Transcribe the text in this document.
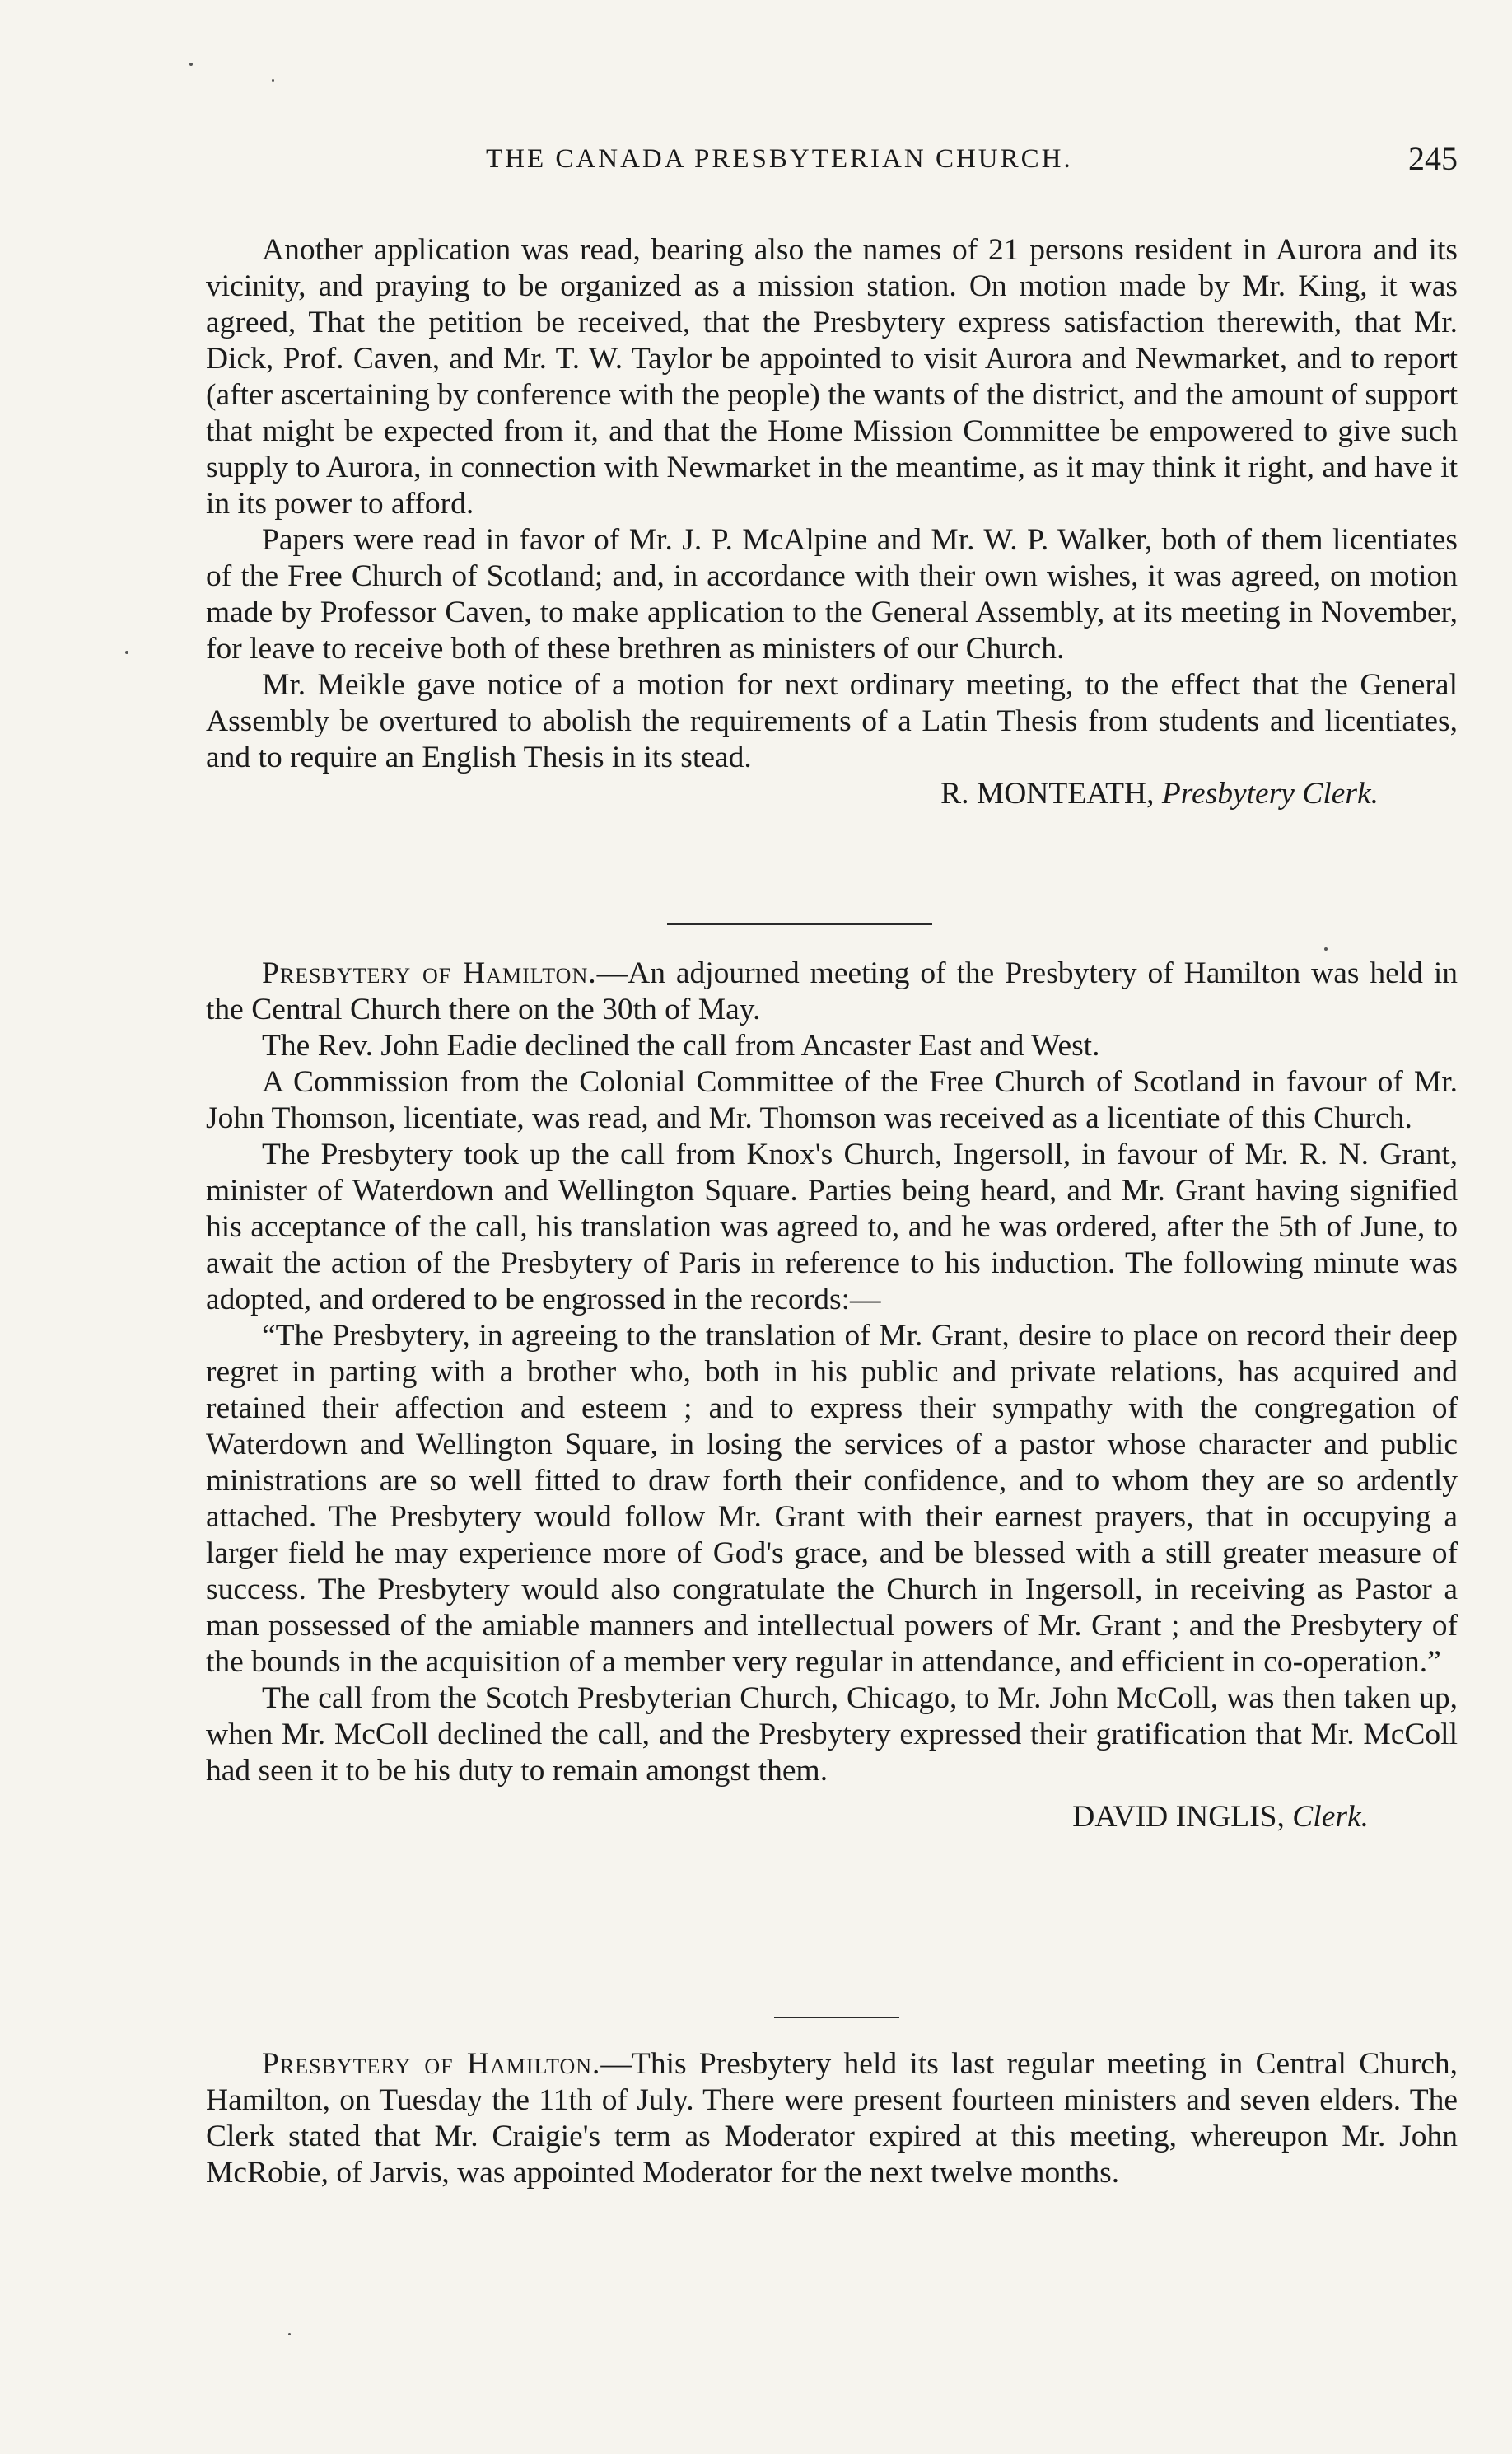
THE CANADA PRESBYTERIAN CHURCH.	245

Another application was read, bearing also the names of 21 persons resident in Aurora and its vicinity, and praying to be organized as a mission station. On motion made by Mr. King, it was agreed, That the petition be received, that the Presbytery express satisfaction therewith, that Mr. Dick, Prof. Caven, and Mr. T. W. Taylor be appointed to visit Aurora and Newmarket, and to report (after ascertaining by conference with the people) the wants of the district, and the amount of support that might be expected from it, and that the Home Mission Committee be empowered to give such supply to Aurora, in connection with Newmarket in the meantime, as it may think it right, and have it in its power to afford.

Papers were read in favor of Mr. J. P. McAlpine and Mr. W. P. Walker, both of them licentiates of the Free Church of Scotland; and, in accordance with their own wishes, it was agreed, on motion made by Professor Caven, to make application to the General Assembly, at its meeting in November, for leave to receive both of these brethren as ministers of our Church.

Mr. Meikle gave notice of a motion for next ordinary meeting, to the effect that the General Assembly be overtured to abolish the requirements of a Latin Thesis from students and licentiates, and to require an English Thesis in its stead.

R. MONTEATH, Presbytery Clerk.

Presbytery of Hamilton.—An adjourned meeting of the Presbytery of Hamilton was held in the Central Church there on the 30th of May.

The Rev. John Eadie declined the call from Ancaster East and West.

A Commission from the Colonial Committee of the Free Church of Scotland in favour of Mr. John Thomson, licentiate, was read, and Mr. Thomson was received as a licentiate of this Church.

The Presbytery took up the call from Knox's Church, Ingersoll, in favour of Mr. R. N. Grant, minister of Waterdown and Wellington Square. Parties being heard, and Mr. Grant having signified his acceptance of the call, his translation was agreed to, and he was ordered, after the 5th of June, to await the action of the Presbytery of Paris in reference to his induction. The following minute was adopted, and ordered to be engrossed in the records:—

“The Presbytery, in agreeing to the translation of Mr. Grant, desire to place on record their deep regret in parting with a brother who, both in his public and private relations, has acquired and retained their affection and esteem ; and to express their sympathy with the congregation of Waterdown and Wellington Square, in losing the services of a pastor whose character and public ministrations are so well fitted to draw forth their confidence, and to whom they are so ardently attached. The Presbytery would follow Mr. Grant with their earnest prayers, that in occupying a larger field he may experience more of God's grace, and be blessed with a still greater measure of success. The Presbytery would also congratulate the Church in Ingersoll, in receiving as Pastor a man possessed of the amiable manners and intellectual powers of Mr. Grant ; and the Presbytery of the bounds in the acquisition of a member very regular in attendance, and efficient in co-operation.”

The call from the Scotch Presbyterian Church, Chicago, to Mr. John McColl, was then taken up, when Mr. McColl declined the call, and the Presbytery expressed their gratification that Mr. McColl had seen it to be his duty to remain amongst them.

DAVID INGLIS, Clerk.

Presbytery of Hamilton.—This Presbytery held its last regular meeting in Central Church, Hamilton, on Tuesday the 11th of July. There were present fourteen ministers and seven elders. The Clerk stated that Mr. Craigie's term as Moderator expired at this meeting, whereupon Mr. John McRobie, of Jarvis, was appointed Moderator for the next twelve months.
